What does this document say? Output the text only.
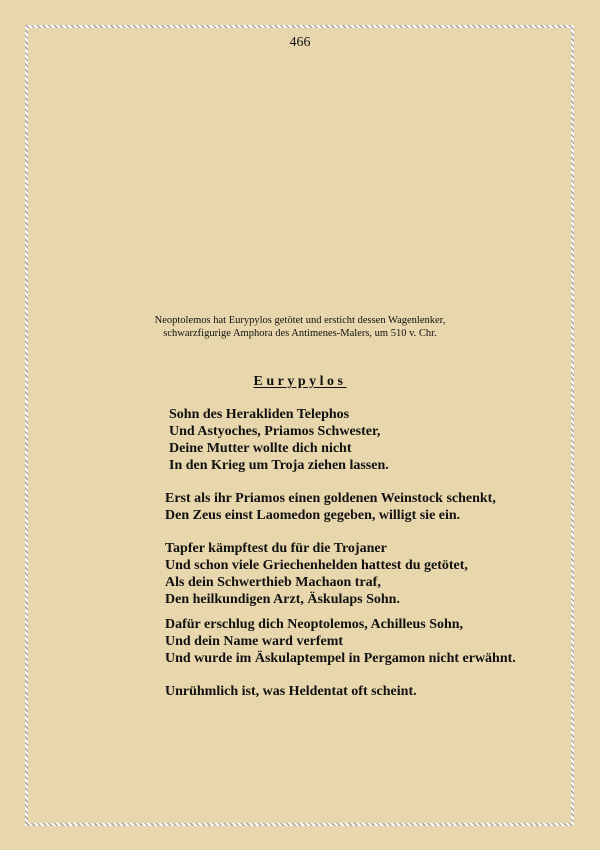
466
Neoptolemos hat Eurypylos getötet und ersticht dessen Wagenlenker,
schwarzfigurige Amphora des Antimenes-Malers, um 510 v. Chr.
Eurypylos
Sohn des Herakliden Telephos
Und Astyoches, Priamos Schwester,
Deine Mutter wollte dich nicht
In den Krieg um Troja ziehen lassen.
Erst als ihr Priamos einen goldenen Weinstock schenkt,
Den Zeus einst Laomedon gegeben, willigt sie ein.
Tapfer kämpftest du für die Trojaner
Und schon viele Griechenhelden hattest du getötet,
Als dein Schwerthieb Machaon traf,
Den heilkundigen Arzt, Äskulaps Sohn.
Dafür erschlug dich Neoptolemos, Achilleus Sohn,
Und dein Name ward verfemt
Und wurde im Äskulaptempel in Pergamon nicht erwähnt.
Unrühmlich ist, was Heldentat oft scheint.
